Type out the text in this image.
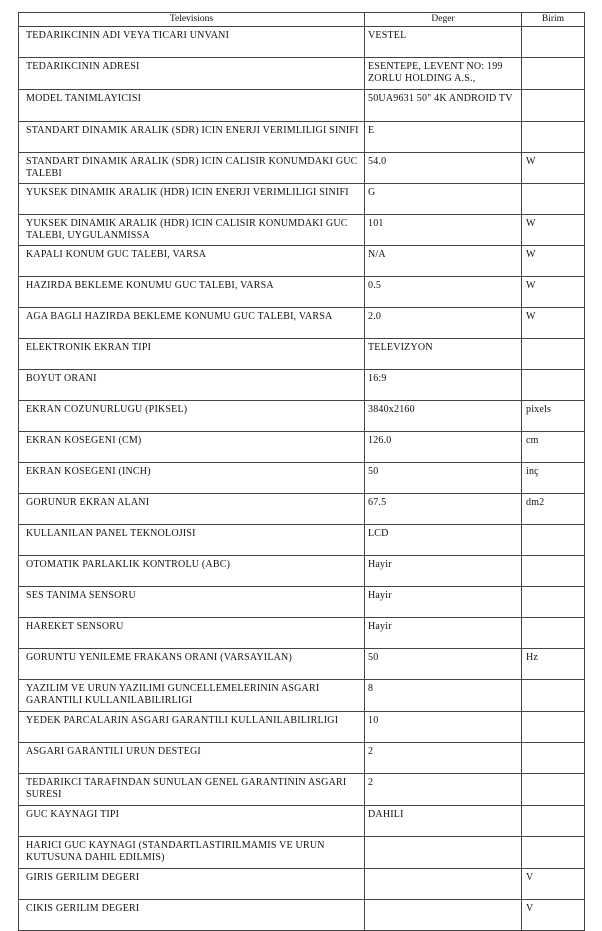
Televisions	Deger	Birim
TEDARIKCININ ADI VEYA TICARI UNVANI	VESTEL	
TEDARIKCININ ADRESI	ESENTEPE, LEVENT NO: 199 ZORLU HOLDING A.S.,	
MODEL TANIMLAYICISI	50UA9631 50" 4K ANDROID TV	
STANDART DINAMIK ARALIK (SDR) ICIN ENERJI VERIMLILIGI SINIFI	E	
STANDART DINAMIK ARALIK (SDR) ICIN CALISIR KONUMDAKI GUC TALEBI	54.0	W
YUKSEK DINAMIK ARALIK (HDR) ICIN ENERJI VERIMLILIGI SINIFI	G	
YUKSEK DINAMIK ARALIK (HDR) ICIN CALISIR KONUMDAKI GUC TALEBI, UYGULANMISSA	101	W
KAPALI KONUM GUC TALEBI, VARSA	N/A	W
HAZIRDA BEKLEME KONUMU GUC TALEBI, VARSA	0.5	W
AGA BAGLI HAZIRDA BEKLEME KONUMU GUC TALEBI, VARSA	2.0	W
ELEKTRONIK EKRAN TIPI	TELEVIZYON	
BOYUT ORANI	16:9	
EKRAN COZUNURLUGU (PIKSEL)	3840x2160	pixels
EKRAN KOSEGENI (CM)	126.0	cm
EKRAN KOSEGENI (INCH)	50	inç
GORUNUR EKRAN ALANI	67.5	dm2
KULLANILAN PANEL TEKNOLOJISI	LCD	
OTOMATIK PARLAKLIK KONTROLU (ABC)	Hayir	
SES TANIMA SENSORU	Hayir	
HAREKET SENSORU	Hayir	
GORUNTU YENILEME FRAKANS ORANI (VARSAYILAN)	50	Hz
YAZILIM VE URUN YAZILIMI GUNCELLEMELERININ ASGARI GARANTILI KULLANILABILIRLIGI	8	
YEDEK PARCALARIN ASGARI GARANTILI KULLANILABILIRLIGI	10	
ASGARI GARANTILI URUN DESTEGI	2	
TEDARIKCI TARAFINDAN SUNULAN GENEL GARANTININ ASGARI SURESI	2	
GUC KAYNAGI TIPI	DAHILI	
HARICI GUC KAYNAGI (STANDARTLASTIRILMAMIS VE URUN KUTUSUNA DAHIL EDILMIS)		
GIRIS GERILIM DEGERI		V
CIKIS GERILIM DEGERI		V
